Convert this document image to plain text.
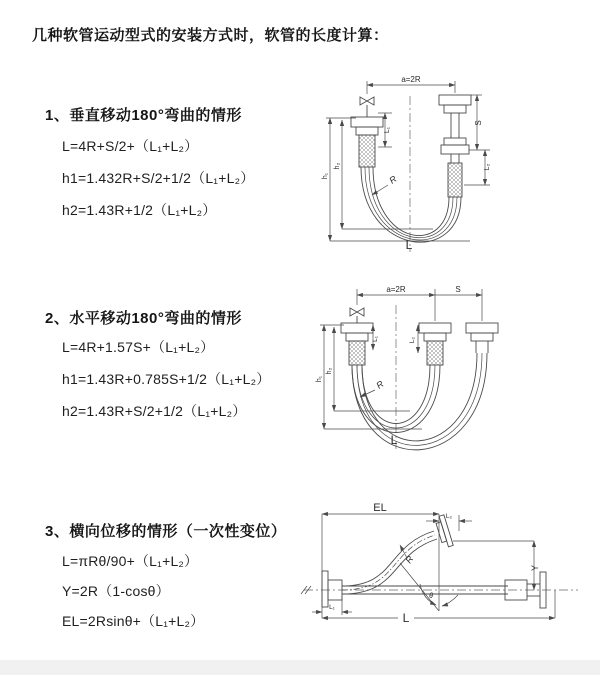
几种软管运动型式的安装方式时，软管的长度计算：
1、垂直移动180°弯曲的情形
L=4R+S/2+（L₁+L₂）
h1=1.432R+S/2+1/2（L₁+L₂）
h2=1.43R+1/2（L₁+L₂）
2、水平移动180°弯曲的情形
L=4R+1.57S+（L₁+L₂）
h1=1.43R+0.785S+1/2（L₁+L₂）
h2=1.43R+S/2+1/2（L₁+L₂）
3、横向位移的情形（一次性变位）
L=πRθ/90+（L₁+L₂）
Y=2R（1-cosθ）
EL=2Rsinθ+（L₁+L₂）
a=2R
L₁
S
L₂
h₁
h₂
R
L
a=2R	S
L₁	L₂
h₁
h₂
R
L
EL
L₂
Y
R
θ
L
L₁
